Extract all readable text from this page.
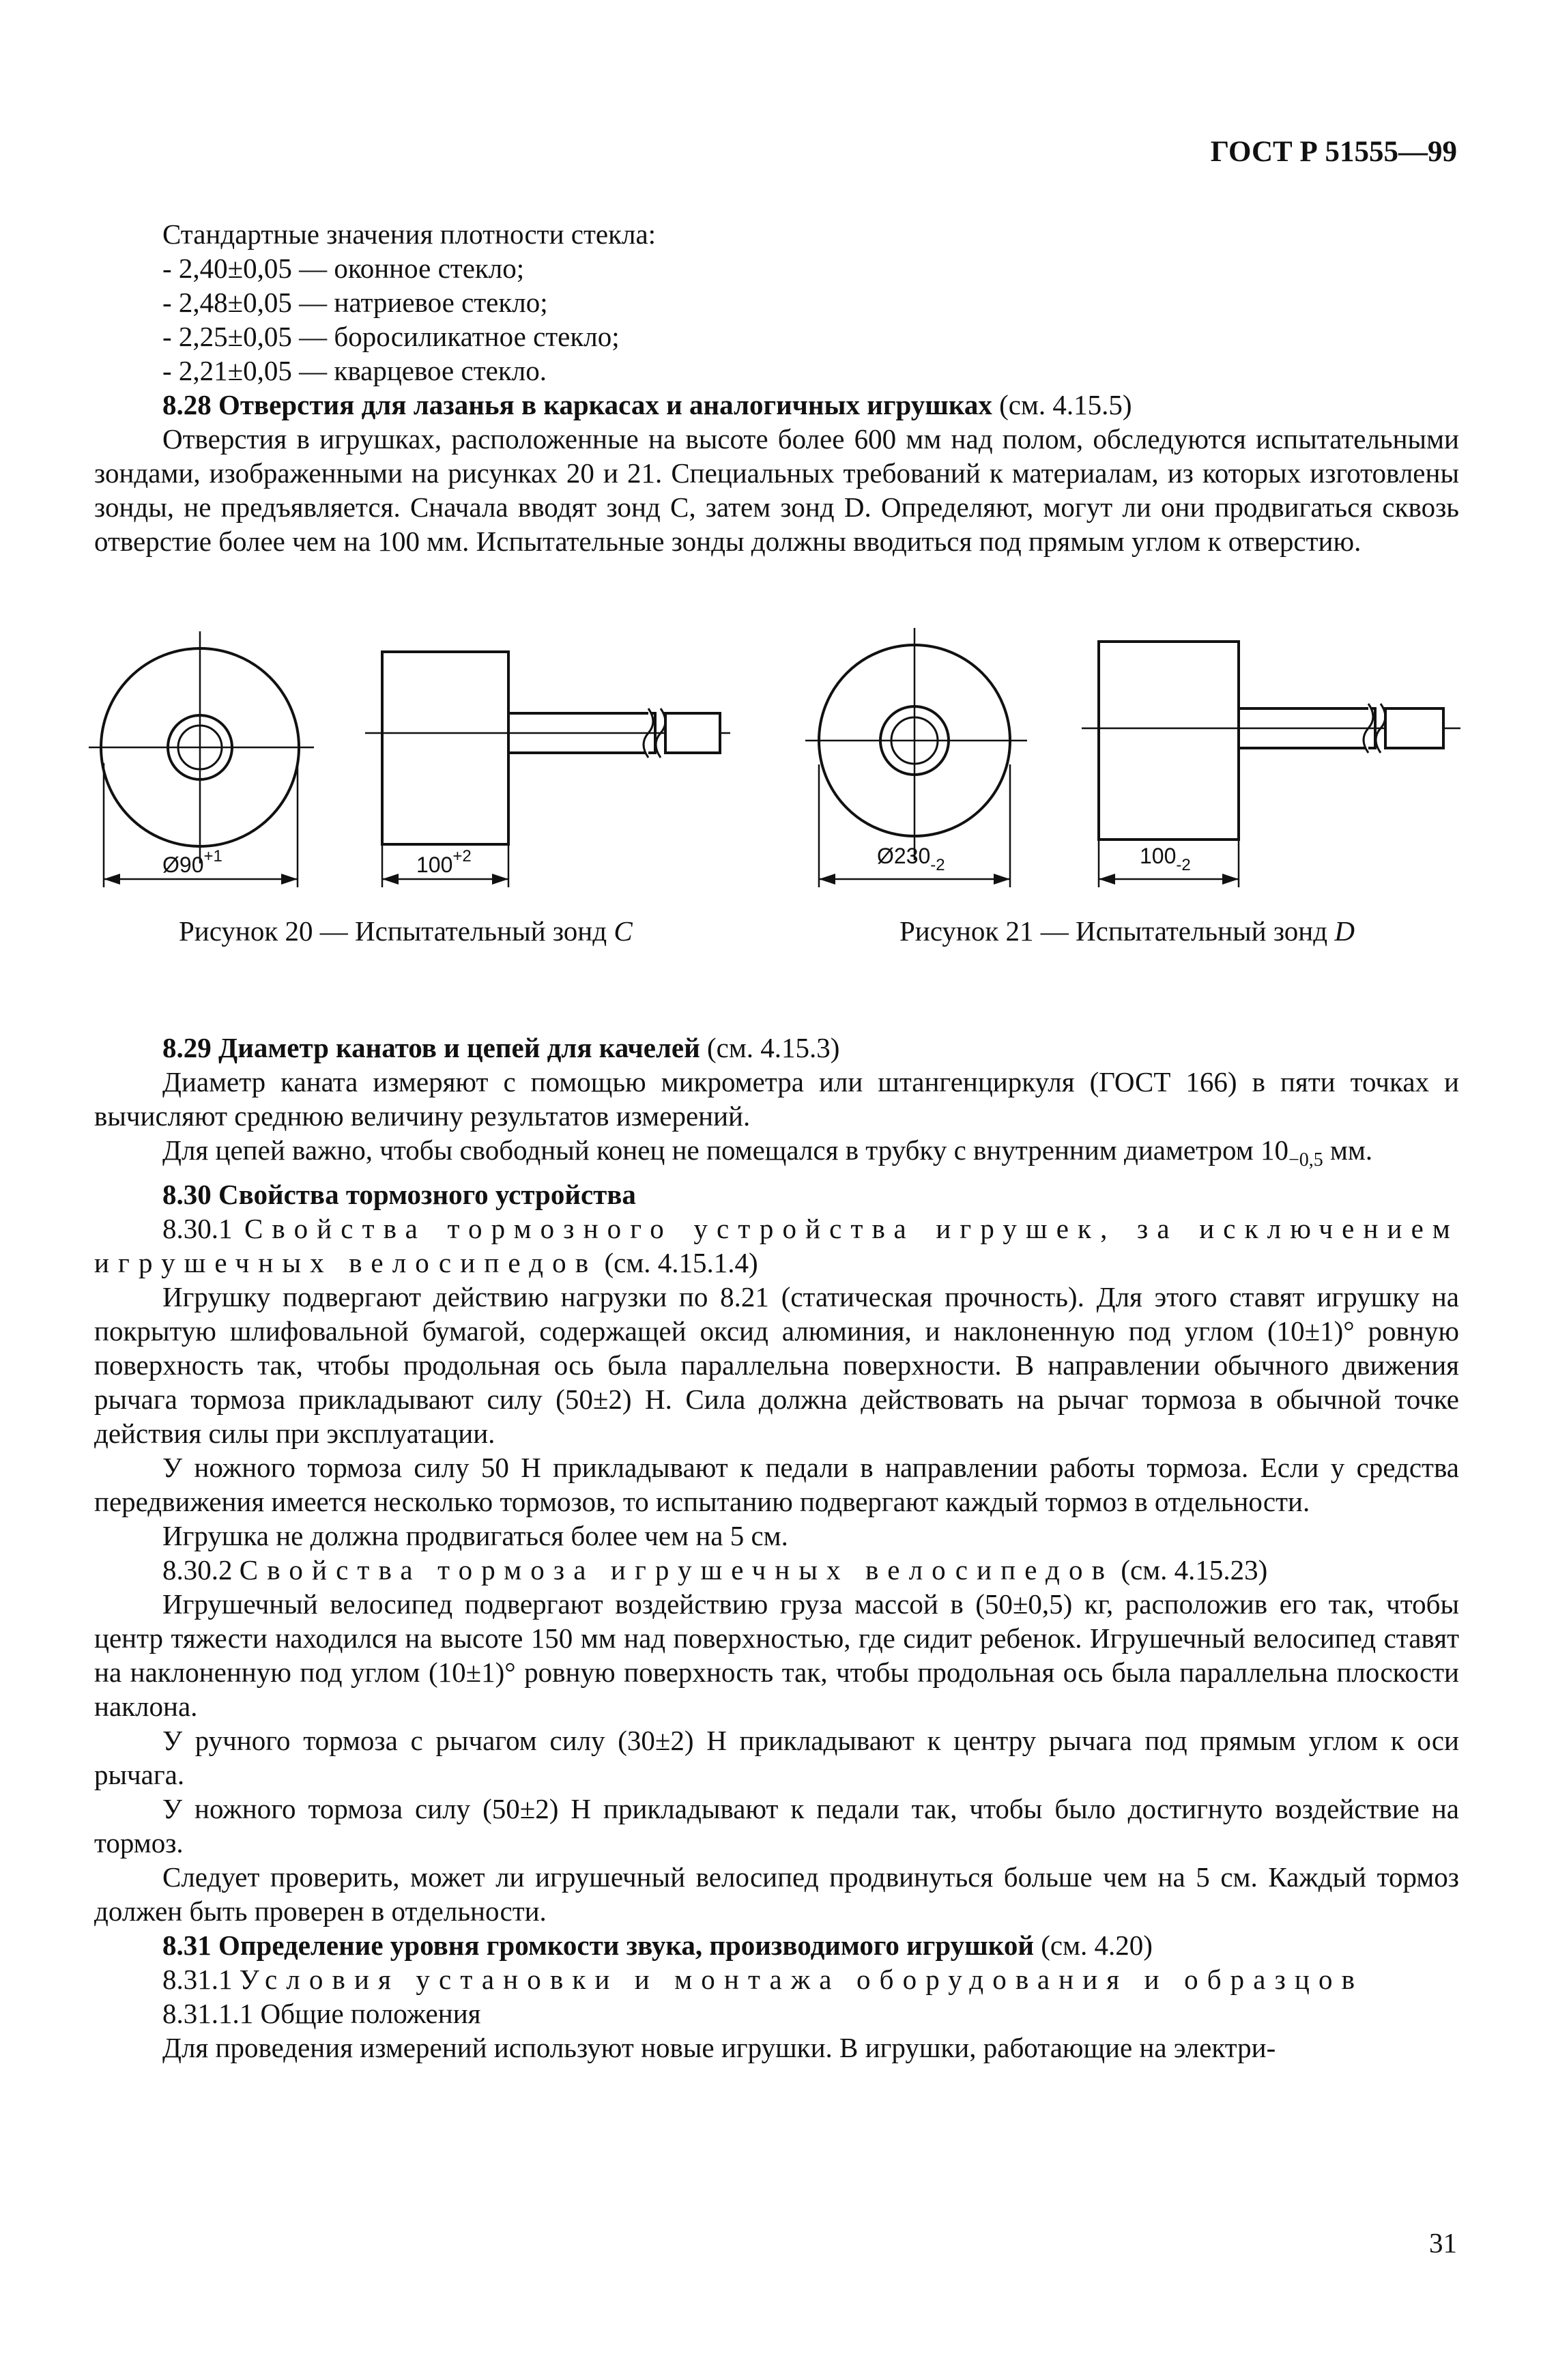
ГОСТ Р 51555—99

Стандартные значения плотности стекла:

- 2,40±0,05 — оконное стекло;

- 2,48±0,05 — натриевое стекло;

- 2,25±0,05 — боросиликатное стекло;

- 2,21±0,05 — кварцевое стекло.

8.28 Отверстия для лазанья в каркасах и аналогичных игрушках (см. 4.15.5)

Отверстия в игрушках, расположенные на высоте более 600 мм над полом, обследуются испытательными зондами, изображенными на рисунках 20 и 21. Специальных требований к материалам, из которых изготовлены зонды, не предъявляется. Сначала вводят зонд C, затем зонд D. Определяют, могут ли они продвигаться сквозь отверстие более чем на 100 мм. Испытательные зонды должны вводиться под прямым углом к отверстию.

$Ø90^{+1}$	$100^{+2}$	$Ø230_{-2}$	$100_{-2}$
Рисунок 20 — Испытательный зонд C	Рисунок 21 — Испытательный зонд D

8.29 Диаметр канатов и цепей для качелей (см. 4.15.3)

Диаметр каната измеряют с помощью микрометра или штангенциркуля (ГОСТ 166) в пяти точках и вычисляют среднюю величину результатов измерений.

Для цепей важно, чтобы свободный конец не помещался в трубку с внутренним диаметром $10_{-0,5}$ мм.

8.30 Свойства тормозного устройства

8.30.1 Свойства тормозного устройства игрушек, за исключением игрушечных велосипедов (см. 4.15.1.4)

Игрушку подвергают действию нагрузки по 8.21 (статическая прочность). Для этого ставят игрушку на покрытую шлифовальной бумагой, содержащей оксид алюминия, и наклоненную под углом (10±1)° ровную поверхность так, чтобы продольная ось была параллельна поверхности. В направлении обычного движения рычага тормоза прикладывают силу (50±2) Н. Сила должна действовать на рычаг тормоза в обычной точке действия силы при эксплуатации.

У ножного тормоза силу 50 Н прикладывают к педали в направлении работы тормоза. Если у средства передвижения имеется несколько тормозов, то испытанию подвергают каждый тормоз в отдельности.

Игрушка не должна продвигаться более чем на 5 см.

8.30.2 Свойства тормоза игрушечных велосипедов (см. 4.15.23)

Игрушечный велосипед подвергают воздействию груза массой в (50±0,5) кг, расположив его так, чтобы центр тяжести находился на высоте 150 мм над поверхностью, где сидит ребенок. Игрушечный велосипед ставят на наклоненную под углом (10±1)° ровную поверхность так, чтобы продольная ось была параллельна плоскости наклона.

У ручного тормоза с рычагом силу (30±2) Н прикладывают к центру рычага под прямым углом к оси рычага.

У ножного тормоза силу (50±2) Н прикладывают к педали так, чтобы было достигнуто воздействие на тормоз.

Следует проверить, может ли игрушечный велосипед продвинуться больше чем на 5 см. Каждый тормоз должен быть проверен в отдельности.

8.31 Определение уровня громкости звука, производимого игрушкой (см. 4.20)

8.31.1 Условия установки и монтажа оборудования и образцов

8.31.1.1 Общие положения

Для проведения измерений используют новые игрушки. В игрушки, работающие на электри-

31
